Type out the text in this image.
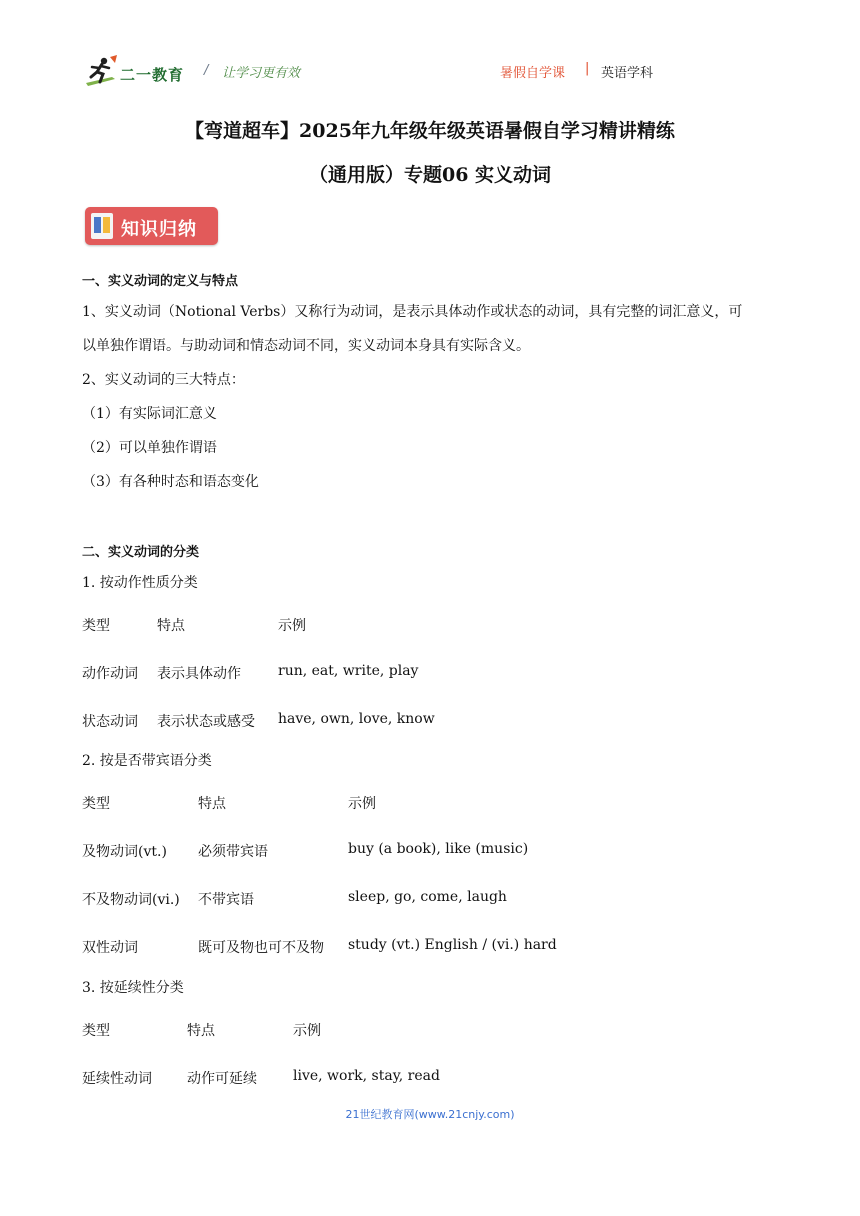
二一教育 / 让学习更有效	暑假自学课 | 英语学科
【弯道超车】2025年九年级年级英语暑假自学习精讲精练
（通用版）专题06 实义动词
知识归纳
一、实义动词的定义与特点
1、实义动词（Notional Verbs）又称行为动词，是表示具体动作或状态的动词，具有完整的词汇意义，可
以单独作谓语。与助动词和情态动词不同，实义动词本身具有实际含义。
2、实义动词的三大特点：
（1）有实际词汇意义
（2）可以单独作谓语
（3）有各种时态和语态变化
二、实义动词的分类
1. 按动作性质分类
类型	特点	示例
动作动词 表示具体动作	run, eat, write, play
状态动词 表示状态或感受 have, own, love, know
2. 按是否带宾语分类
类型	特点	示例
及物动词(vt.) 必须带宾语	buy (a book), like (music)
不及物动词(vi.) 不带宾语	sleep, go, come, laugh
双性动词	既可及物也可不及物 study (vt.) English / (vi.) hard
3. 按延续性分类
类型	特点	示例
延续性动词	动作可延续	live, work, stay, read
21世纪教育网(www.21cnjy.com)
